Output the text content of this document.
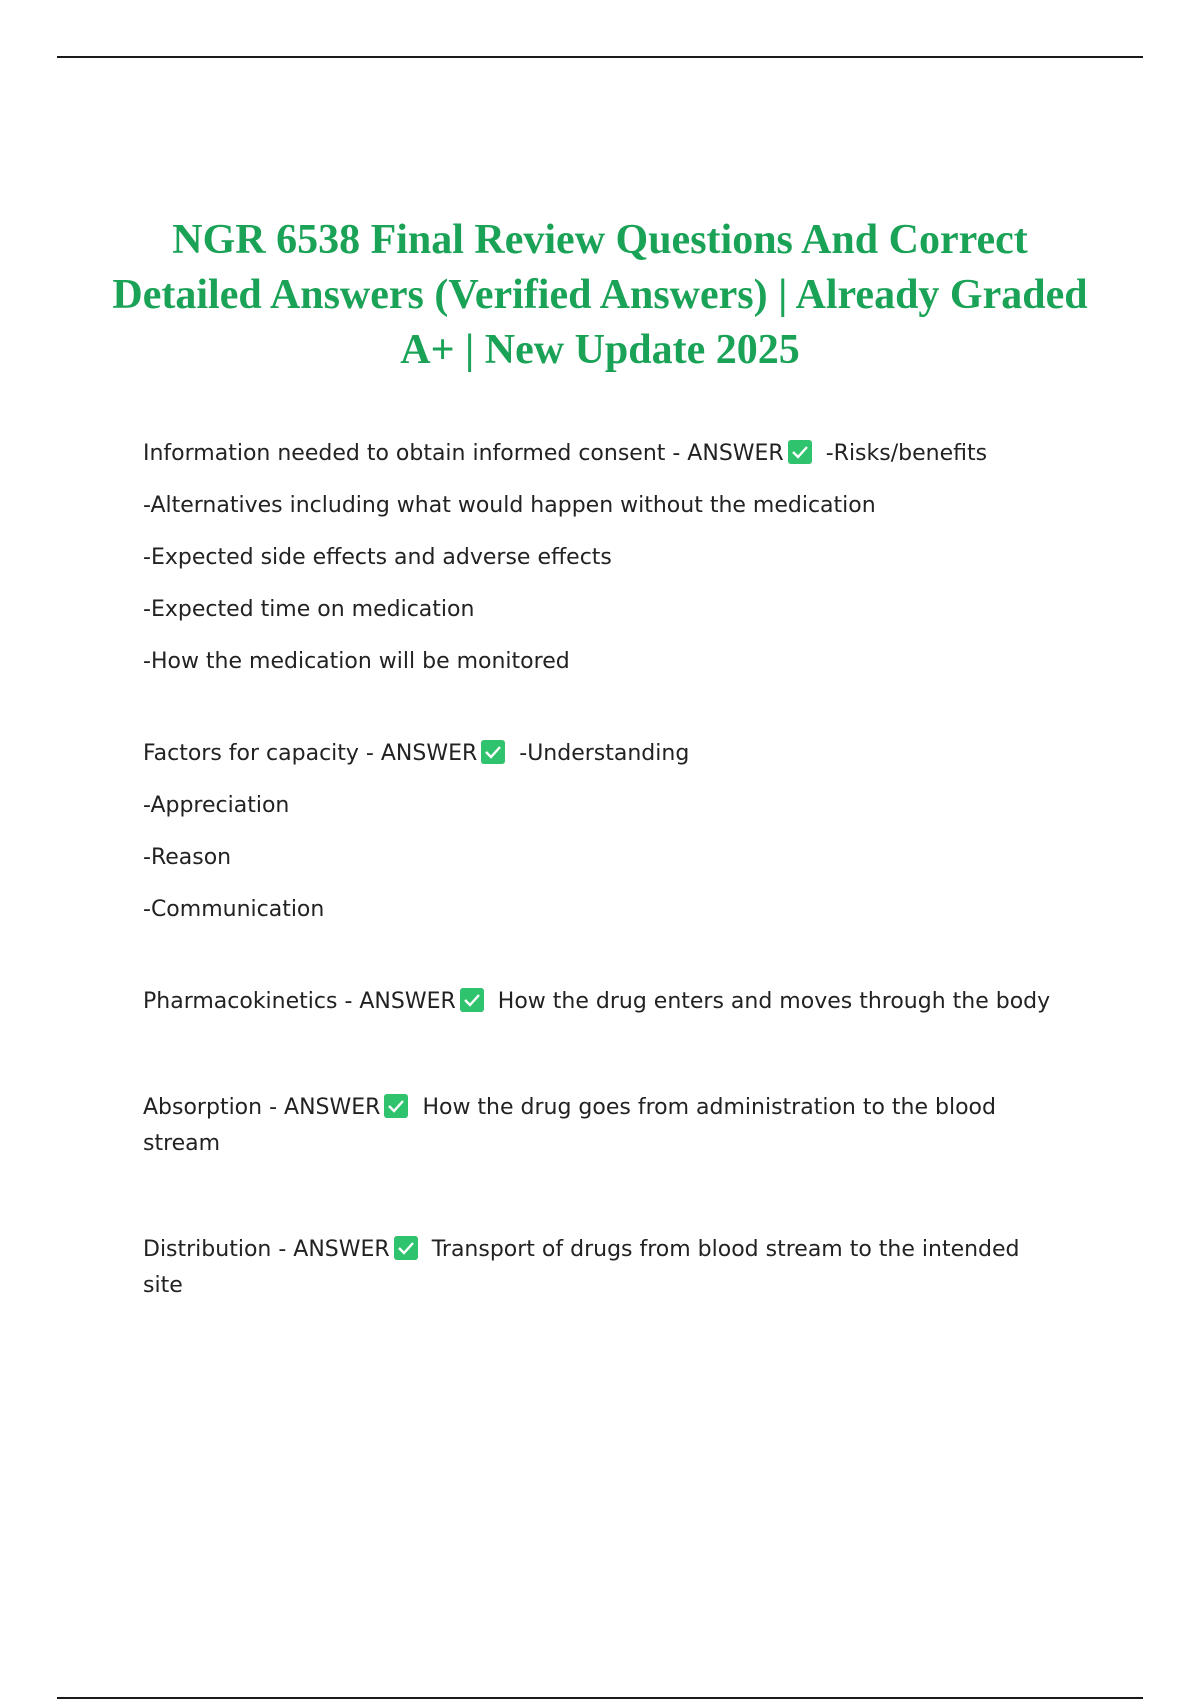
NGR 6538 Final Review Questions And Correct Detailed Answers (Verified Answers) | Already Graded A+ | New Update 2025
Information needed to obtain informed consent - ANSWER -Risks/benefits
-Alternatives including what would happen without the medication
-Expected side effects and adverse effects
-Expected time on medication
-How the medication will be monitored
Factors for capacity - ANSWER -Understanding
-Appreciation
-Reason
-Communication
Pharmacokinetics - ANSWER How the drug enters and moves through the body
Absorption - ANSWER How the drug goes from administration to the blood stream
Distribution - ANSWER Transport of drugs from blood stream to the intended site
